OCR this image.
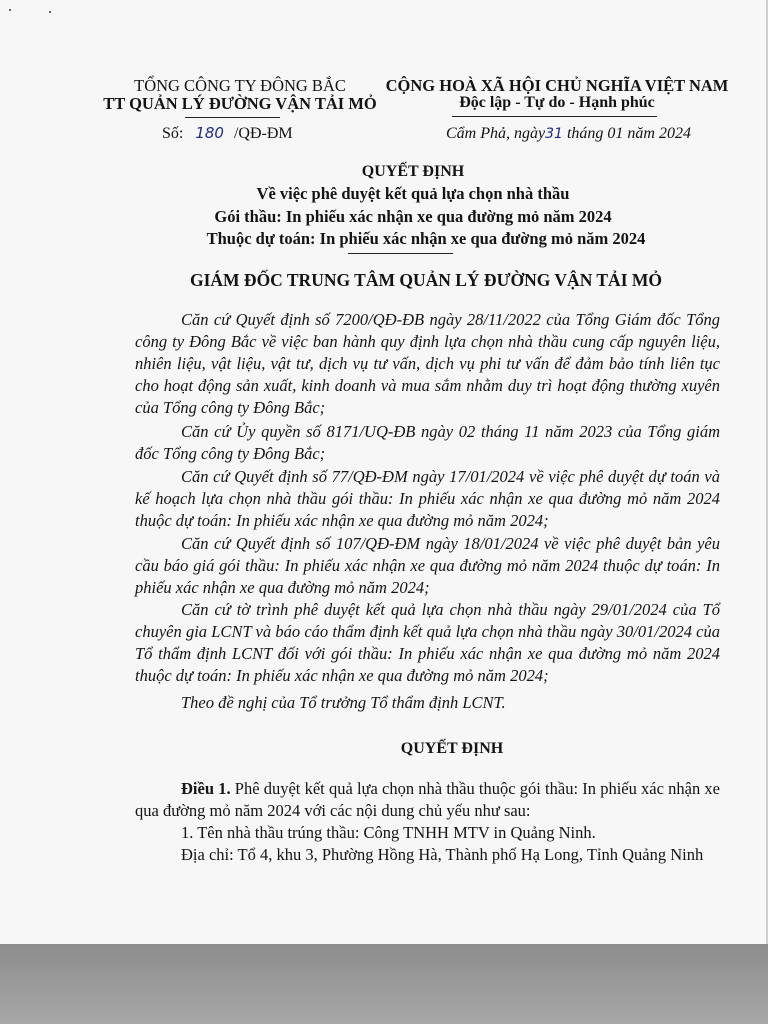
TỔNG CÔNG TY ĐÔNG BẮC
TT QUẢN LÝ ĐƯỜNG VẬN TẢI MỎ
CỘNG HOÀ XÃ HỘI CHỦ NGHĨA VIỆT NAM
Độc lập - Tự do - Hạnh phúc
Số: 180 /QĐ-ĐM	Cẩm Phả, ngày31 tháng 01 năm 2024
QUYẾT ĐỊNH
Về việc phê duyệt kết quả lựa chọn nhà thầu
Gói thầu: In phiếu xác nhận xe qua đường mỏ năm 2024
Thuộc dự toán: In phiếu xác nhận xe qua đường mỏ năm 2024
GIÁM ĐỐC TRUNG TÂM QUẢN LÝ ĐƯỜNG VẬN TẢI MỎ
Căn cứ Quyết định số 7200/QĐ-ĐB ngày 28/11/2022 của Tổng Giám đốc Tổng công ty Đông Bắc về việc ban hành quy định lựa chọn nhà thầu cung cấp nguyên liệu, nhiên liệu, vật liệu, vật tư, dịch vụ tư vấn, dịch vụ phi tư vấn để đảm bảo tính liên tục cho hoạt động sản xuất, kinh doanh và mua sắm nhằm duy trì hoạt động thường xuyên của Tổng công ty Đông Bắc;
Căn cứ Ủy quyền số 8171/UQ-ĐB ngày 02 tháng 11 năm 2023 của Tổng giám đốc Tổng công ty Đông Bắc;
Căn cứ Quyết định số 77/QĐ-ĐM ngày 17/01/2024 về việc phê duyệt dự toán và kế hoạch lựa chọn nhà thầu gói thầu: In phiếu xác nhận xe qua đường mỏ năm 2024 thuộc dự toán: In phiếu xác nhận xe qua đường mỏ năm 2024;
Căn cứ Quyết định số 107/QĐ-ĐM ngày 18/01/2024 về việc phê duyệt bản yêu cầu báo giá gói thầu: In phiếu xác nhận xe qua đường mỏ năm 2024 thuộc dự toán: In phiếu xác nhận xe qua đường mỏ năm 2024;
Căn cứ tờ trình phê duyệt kết quả lựa chọn nhà thầu ngày 29/01/2024 của Tổ chuyên gia LCNT và báo cáo thẩm định kết quả lựa chọn nhà thầu ngày 30/01/2024 của Tổ thẩm định LCNT đối với gói thầu: In phiếu xác nhận xe qua đường mỏ năm 2024 thuộc dự toán: In phiếu xác nhận xe qua đường mỏ năm 2024;
Theo đề nghị của Tổ trưởng Tổ thẩm định LCNT.
QUYẾT ĐỊNH
Điều 1. Phê duyệt kết quả lựa chọn nhà thầu thuộc gói thầu: In phiếu xác nhận xe qua đường mỏ năm 2024 với các nội dung chủ yếu như sau:
1. Tên nhà thầu trúng thầu: Công TNHH MTV in Quảng Ninh.
Địa chỉ: Tổ 4, khu 3, Phường Hồng Hà, Thành phố Hạ Long, Tỉnh Quảng Ninh
